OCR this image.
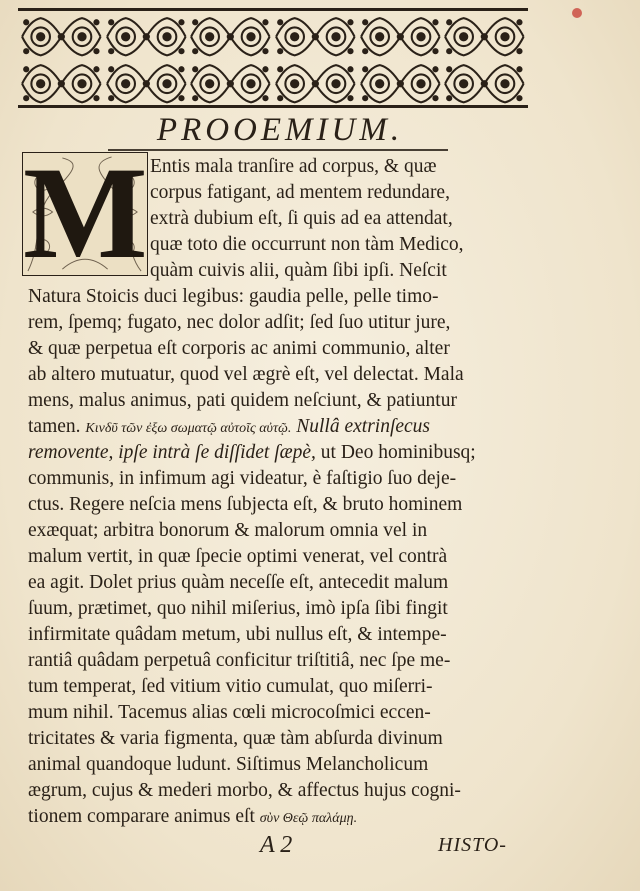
PROOEMIUM.
M Entis mala tranſire ad corpus, & quæ
corpus fatigant, ad mentem redundare,
extrà dubium eſt, ſi quis ad ea attendat,
quæ toto die occurrunt non tàm Medico,
quàm cuivis alii, quàm ſibi ipſi. Neſcit
Natura Stoicis duci legibus: gaudia pelle, pelle timo-
rem, ſpemq; fugato, nec dolor adſit; ſed ſuo utitur jure,
& quæ perpetua eſt corporis ac animi communio, alter
ab altero mutuatur, quod vel ægrè eſt, vel delectat. Mala
mens, malus animus, pati quidem neſciunt, & patiuntur
tamen. Κινδῦ τῶν ἐξω σωματῷ αὐτοῖς αὐτῷ. Nullâ extrinſecus
removente, ipſe intrà ſe diſſidet ſæpè, ut Deo hominibusq;
communis, in infimum agi videatur, è faſtigio ſuo deje-
ctus. Regere neſcia mens ſubjecta eſt, & bruto hominem
exæquat; arbitra bonorum & malorum omnia vel in
malum vertit, in quæ ſpecie optimi venerat, vel contrà
ea agit. Dolet prius quàm neceſſe eſt, antecedit malum
ſuum, prætimet, quo nihil miſerius, imò ipſa ſibi fingit
infirmitate quâdam metum, ubi nullus eſt, & intempe-
rantiâ quâdam perpetuâ conficitur triſtitiâ, nec ſpe me-
tum temperat, ſed vitium vitio cumulat, quo miſerri-
mum nihil. Tacemus alias cœli microcoſmici eccen-
tricitates & varia figmenta, quæ tàm abſurda divinum
animal quandoque ludunt. Siſtimus Melancholicum
ægrum, cujus & mederi morbo, & affectus hujus cogni-
tionem comparare animus eſt σὺν Θεῷ παλάμῃ.
A 2	HISTO-
